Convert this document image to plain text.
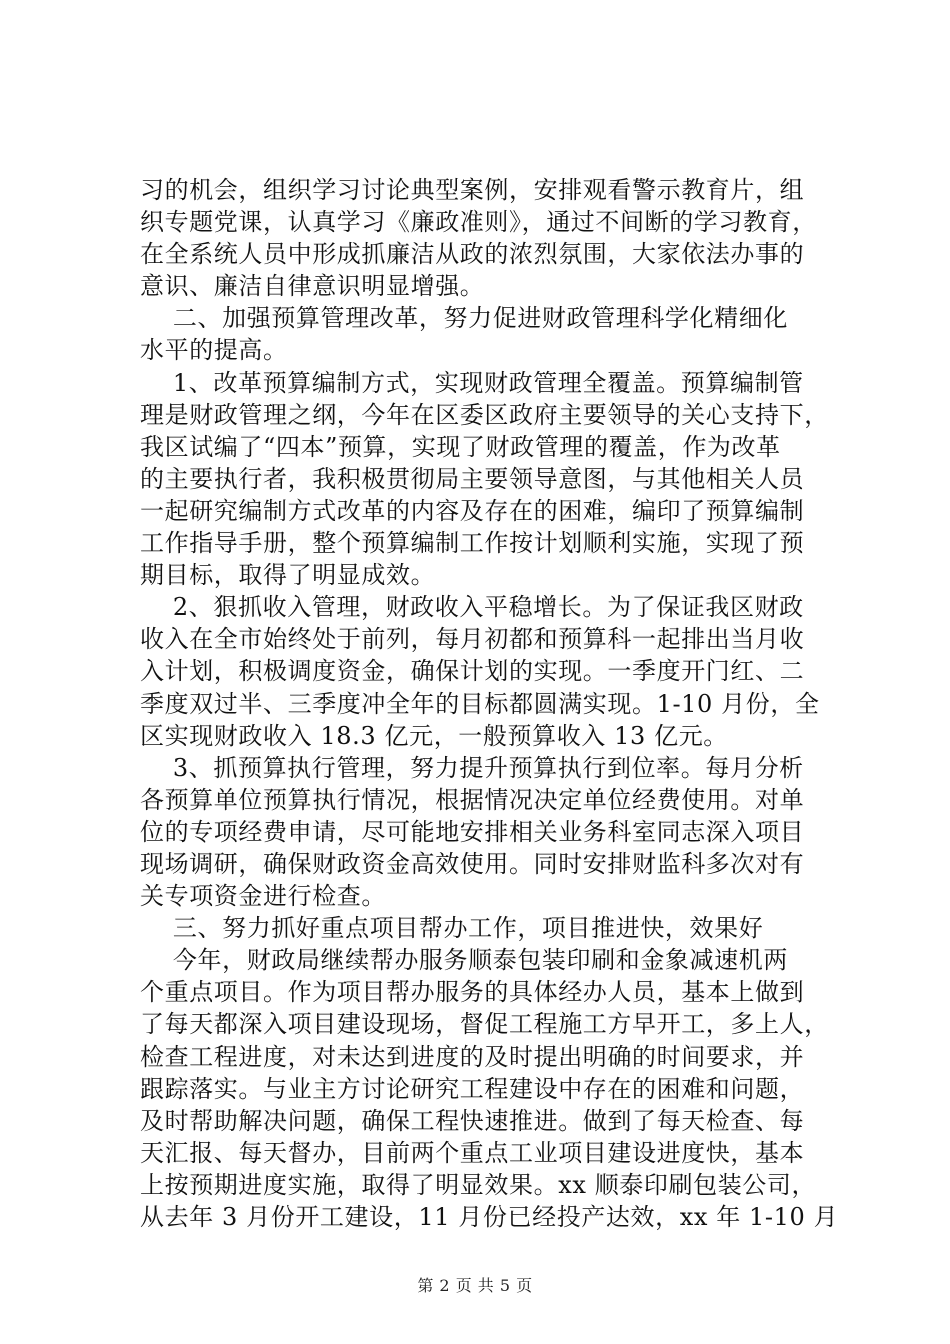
习的机会，组织学习讨论典型案例，安排观看警示教育片，组
织专题党课，认真学习《廉政准则》，通过不间断的学习教育，
在全系统人员中形成抓廉洁从政的浓烈氛围，大家依法办事的
意识、廉洁自律意识明显增强。
二、加强预算管理改革，努力促进财政管理科学化精细化
水平的提高。
1、改革预算编制方式，实现财政管理全覆盖。预算编制管
理是财政管理之纲，今年在区委区政府主要领导的关心支持下，
我区试编了“四本”预算，实现了财政管理的覆盖，作为改革
的主要执行者，我积极贯彻局主要领导意图，与其他相关人员
一起研究编制方式改革的内容及存在的困难，编印了预算编制
工作指导手册，整个预算编制工作按计划顺利实施，实现了预
期目标，取得了明显成效。
2、狠抓收入管理，财政收入平稳增长。为了保证我区财政
收入在全市始终处于前列，每月初都和预算科一起排出当月收
入计划，积极调度资金，确保计划的实现。一季度开门红、二
季度双过半、三季度冲全年的目标都圆满实现。1-10 月份，全
区实现财政收入 18.3 亿元，一般预算收入 13 亿元。
3、抓预算执行管理，努力提升预算执行到位率。每月分析
各预算单位预算执行情况，根据情况决定单位经费使用。对单
位的专项经费申请，尽可能地安排相关业务科室同志深入项目
现场调研，确保财政资金高效使用。同时安排财监科多次对有
关专项资金进行检查。
三、努力抓好重点项目帮办工作，项目推进快，效果好
今年，财政局继续帮办服务顺泰包装印刷和金象减速机两
个重点项目。作为项目帮办服务的具体经办人员，基本上做到
了每天都深入项目建设现场，督促工程施工方早开工，多上人，
检查工程进度，对未达到进度的及时提出明确的时间要求，并
跟踪落实。与业主方讨论研究工程建设中存在的困难和问题，
及时帮助解决问题，确保工程快速推进。做到了每天检查、每
天汇报、每天督办，目前两个重点工业项目建设进度快，基本
上按预期进度实施，取得了明显效果。xx 顺泰印刷包装公司，
从去年 3 月份开工建设，11 月份已经投产达效，xx 年 1-10 月
第 2 页 共 5 页
